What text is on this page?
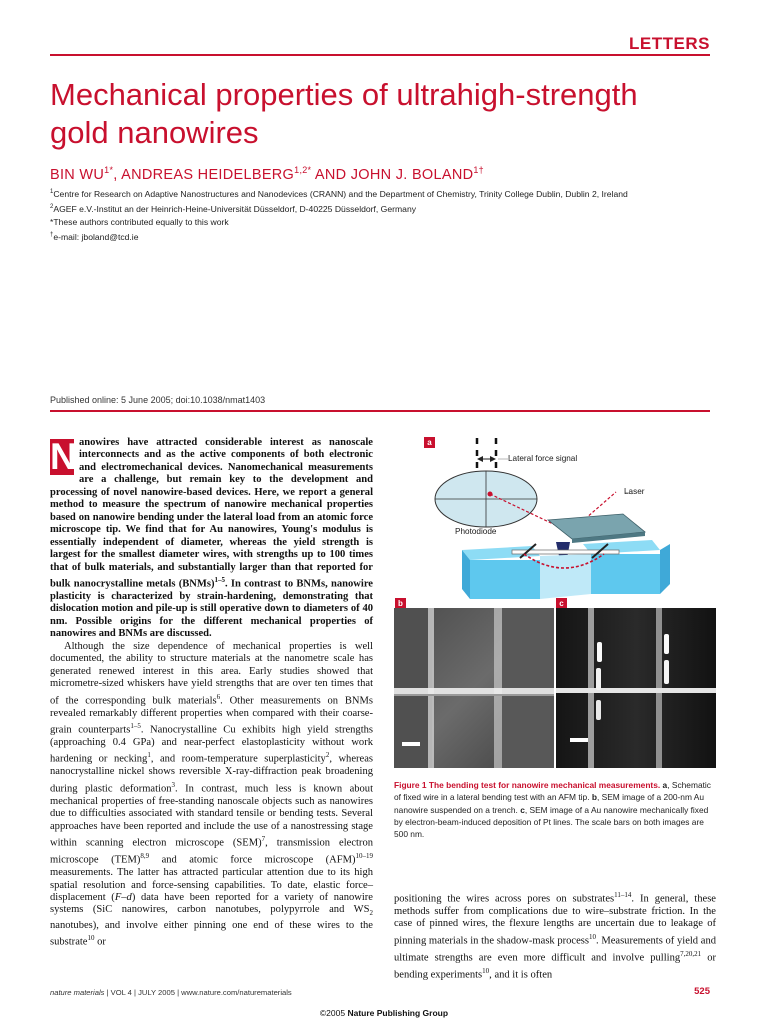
LETTERS
Mechanical properties of ultrahigh-strength
gold nanowires
BIN $WU^{1*}$, ANDREAS $HEIDELBERG^{1,2*}$ AND JOHN J. $BOLAND^{1\dagger}$
$^1$Centre for Research on Adaptive Nanostructures and Nanodevices (CRANN) and the Department of Chemistry, Trinity College Dublin, Dublin 2, Ireland
$^2$AGEF e.V.-Institut an der Heinrich-Heine-Universität Düsseldorf, D-40225 Düsseldorf, Germany
*These authors contributed equally to this work
†e-mail: jboland@tcd.ie
Published online: 5 June 2005; doi:10.1038/nmat1403

N anowires have attracted considerable interest as nanoscale interconnects and as the active components of both electronic and electromechanical devices. Nanomechanical measurements are a challenge, but remain key to the development and processing of novel nanowire-based devices. Here, we report a general method to measure the spectrum of nanowire mechanical properties based on nanowire bending under the lateral load from an atomic force microscope tip. We find that for Au nanowires, Young's modulus is essentially independent of diameter, whereas the yield strength is largest for the smallest diameter wires, with strengths up to 100 times that of bulk materials, and substantially larger than that reported for bulk nanocrystalline metals (BNMs)$^{1-5}$. In contrast to BNMs, nanowire plasticity is characterized by strain-hardening, demonstrating that dislocation motion and pile-up is still operative down to diameters of 40 nm. Possible origins for the different mechanical properties of nanowires and BNMs are discussed.

Although the size dependence of mechanical properties is well documented, the ability to structure materials at the nanometre scale has generated renewed interest in this area. Early studies showed that micrometre-sized whiskers have yield strengths that are over ten times that of the corresponding bulk materials$^6$. Other measurements on BNMs revealed remarkably different properties when compared with their coarse-grain counterparts$^{1-5}$. Nanocrystalline Cu exhibits high yield strengths (approaching 0.4 GPa) and near-perfect elastoplasticity without work hardening or necking$^1$, and room-temperature superplasticity$^2$, whereas nanocrystalline nickel shows reversible X-ray-diffraction peak broadening during plastic deformation$^3$. In contrast, much less is known about mechanical properties of free-standing nanoscale objects such as nanowires due to difficulties associated with standard tensile or bending tests. Several approaches have been reported and include the use of a nanostressing stage within scanning electron microscope (SEM)$^7$, transmission electron microscope (TEM)$^{8,9}$ and atomic force microscope (AFM)$^{10-19}$ measurements. The latter has attracted particular attention due to its high spatial resolution and force-sensing capabilities. To date, elastic force–displacement (F–d) data have been reported for a variety of nanowire systems (SiC nanowires, carbon nanotubes, polypyrrole and $WS_2$ nanotubes), and involve either pinning one end of these wires to the substrate$^{10}$ or

a
Lateral force signal
Laser
Photodiode
b	c
Figure 1 The bending test for nanowire mechanical measurements. a, Schematic of fixed wire in a lateral bending test with an AFM tip. b, SEM image of a 200-nm Au nanowire suspended on a trench. c, SEM image of a Au nanowire mechanically fixed by electron-beam-induced deposition of Pt lines. The scale bars on both images are 500 nm.

positioning the wires across pores on substrates$^{11-14}$. In general, these methods suffer from complications due to wire–substrate friction. In the case of pinned wires, the flexure lengths are uncertain due to leakage of pinning materials in the shadow-mask process$^{10}$. Measurements of yield and ultimate strengths are even more difficult and involve pulling$^{7,20,21}$ or bending experiments$^{10}$, and it is often

nature materials | VOL 4 | JULY 2005 | www.nature.com/naturematerials	525
©2005 Nature Publishing Group
